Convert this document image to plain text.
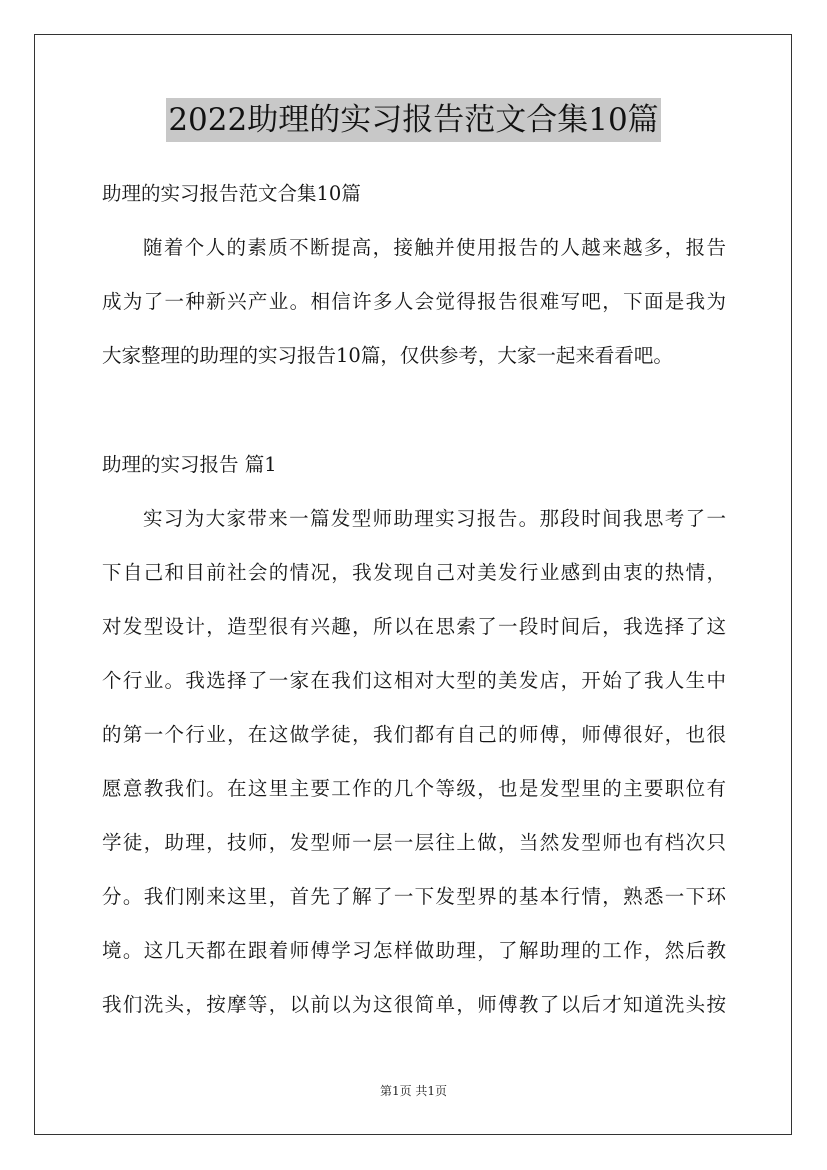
2022助理的实习报告范文合集10篇
助理的实习报告范文合集10篇
随着个人的素质不断提高，接触并使用报告的人越来越多，报告
成为了一种新兴产业。相信许多人会觉得报告很难写吧，下面是我为
大家整理的助理的实习报告10篇，仅供参考，大家一起来看看吧。
助理的实习报告 篇1
实习为大家带来一篇发型师助理实习报告。那段时间我思考了一
下自己和目前社会的情况，我发现自己对美发行业感到由衷的热情，
对发型设计，造型很有兴趣，所以在思索了一段时间后，我选择了这
个行业。我选择了一家在我们这相对大型的美发店，开始了我人生中
的第一个行业，在这做学徒，我们都有自己的师傅，师傅很好，也很
愿意教我们。在这里主要工作的几个等级，也是发型里的主要职位有
学徒，助理，技师，发型师一层一层往上做，当然发型师也有档次只
分。我们刚来这里，首先了解了一下发型界的基本行情，熟悉一下环
境。这几天都在跟着师傅学习怎样做助理，了解助理的工作，然后教
我们洗头，按摩等，以前以为这很简单，师傅教了以后才知道洗头按
第1页 共1页
